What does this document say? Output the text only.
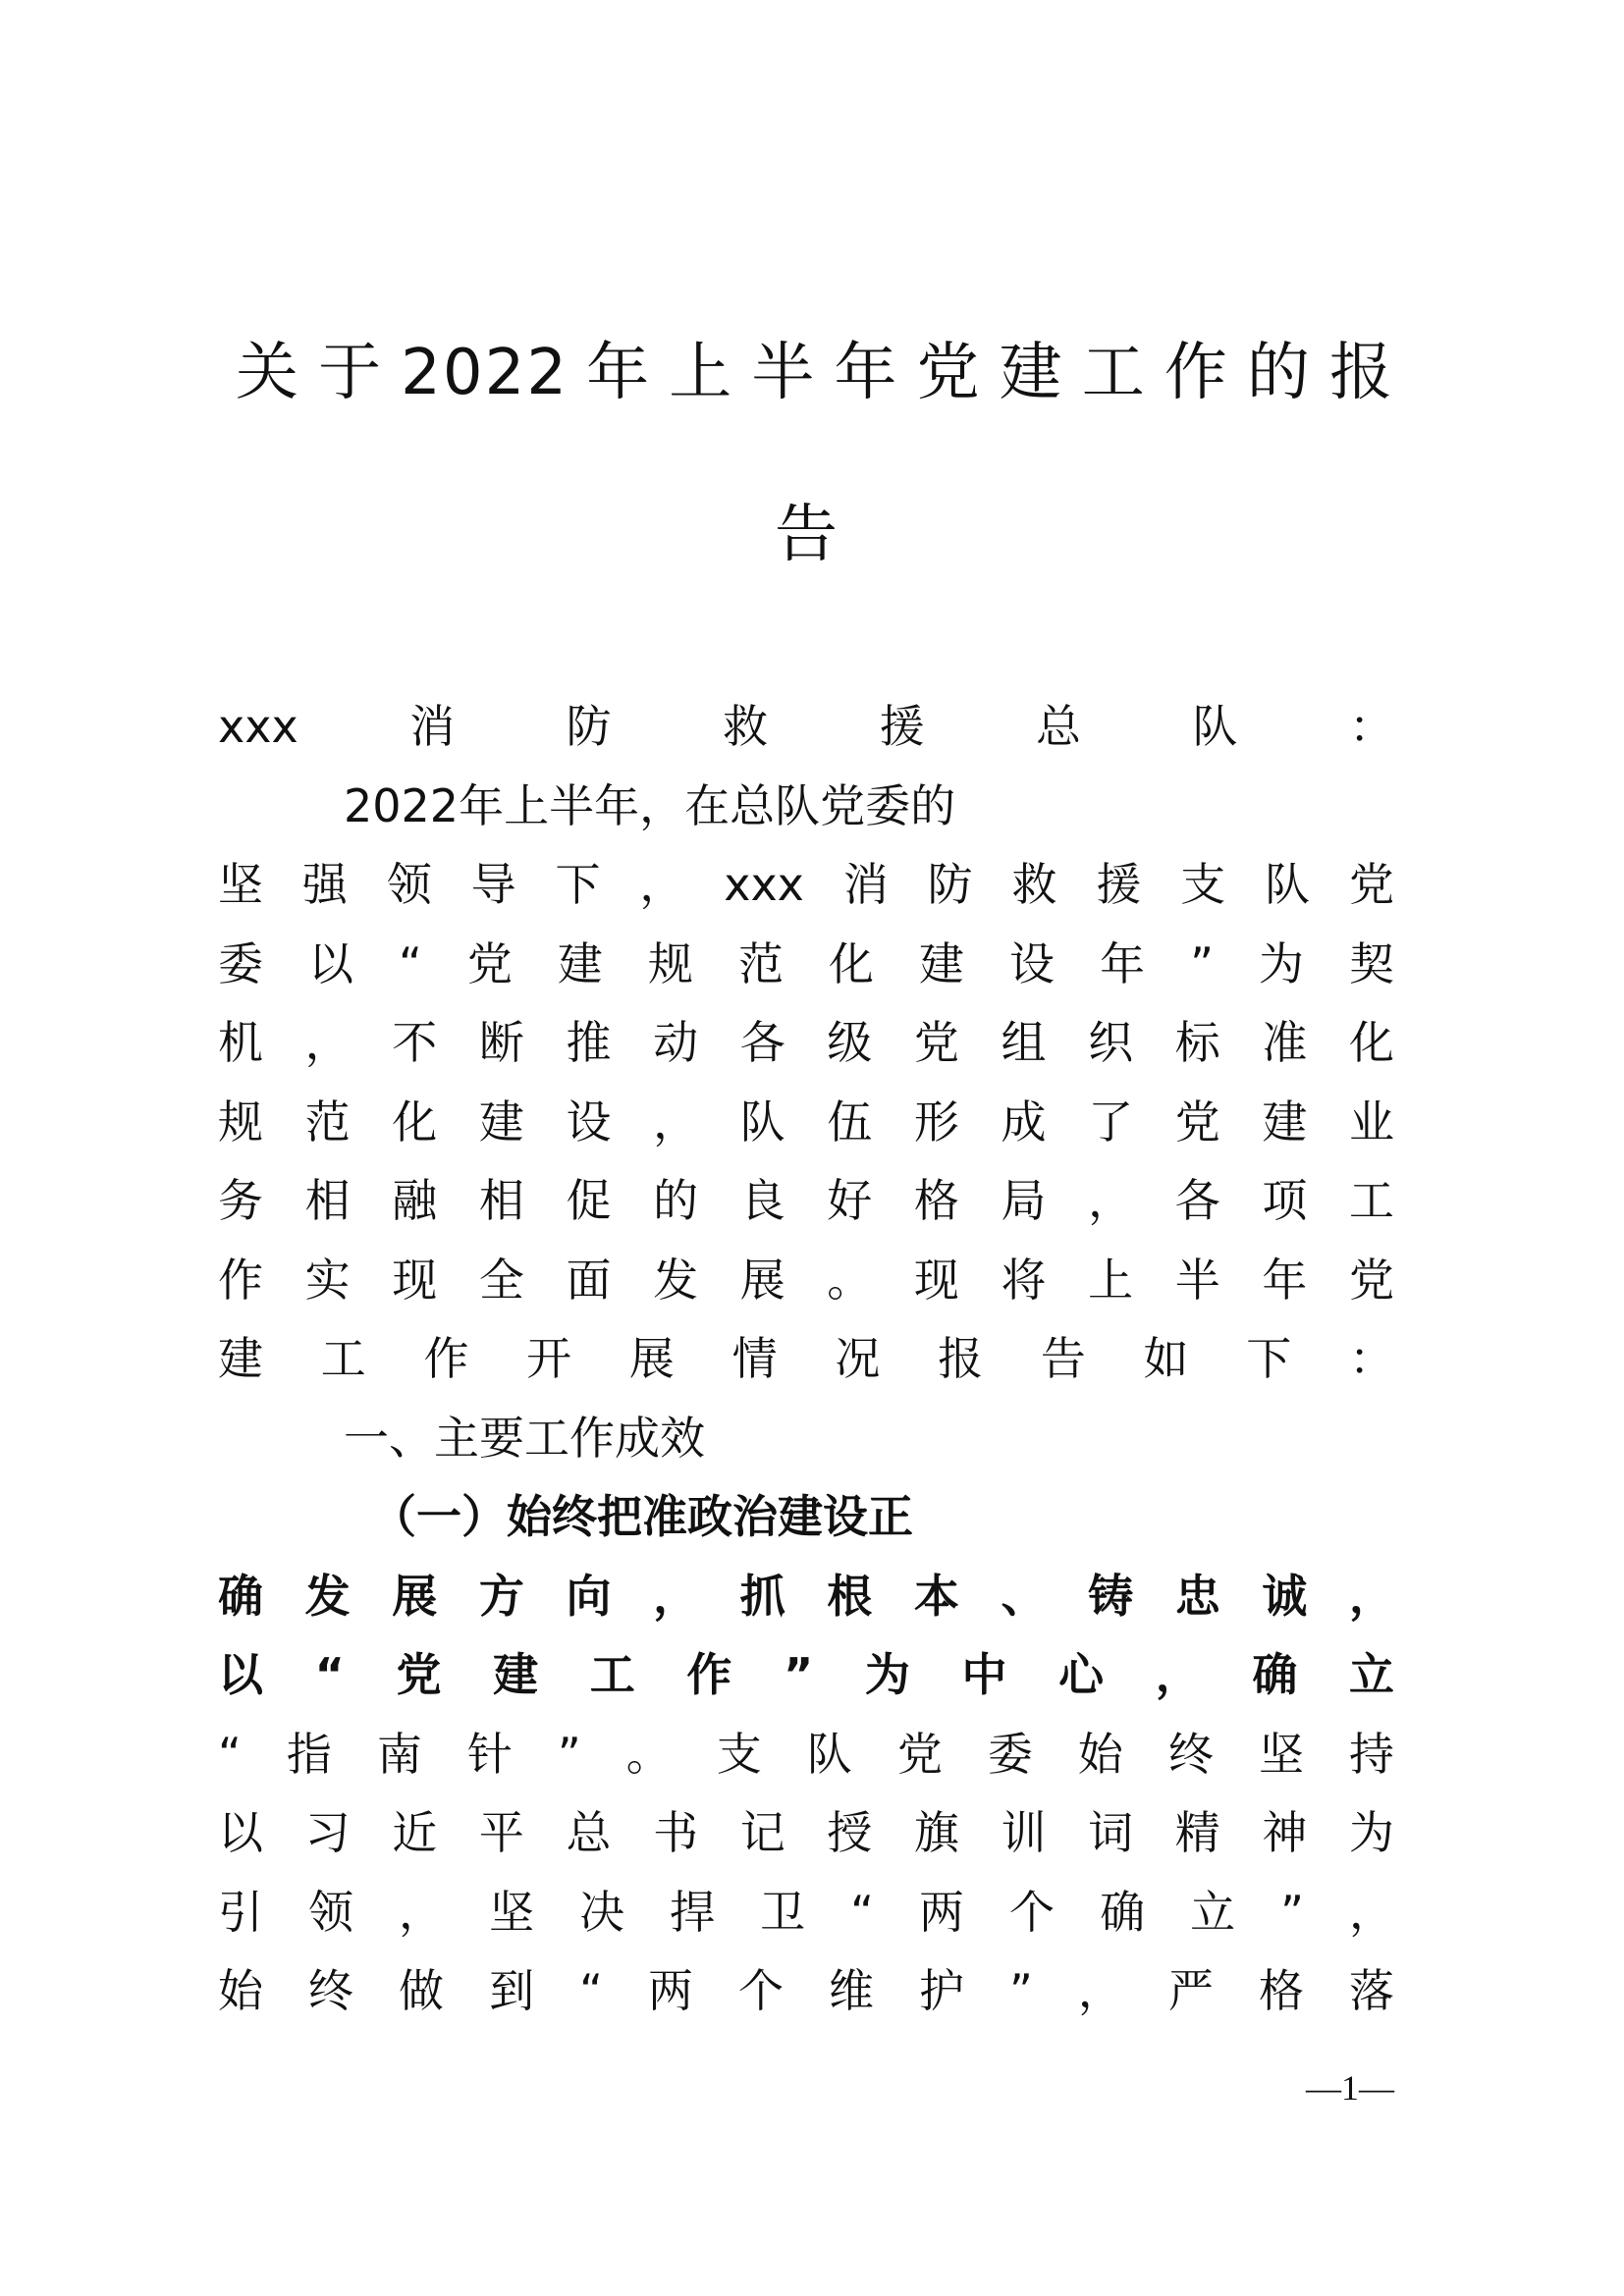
关于2022年上半年党建工作的报
告
xxx消防救援总队：
2022年上半年，在总队党委的
坚强领导下，xxx消防救援支队党
委以“党建规范化建设年”为契
机，不断推动各级党组织标准化
规范化建设，队伍形成了党建业
务相融相促的良好格局，各项工
作实现全面发展。现将上半年党
建工作开展情况报告如下：
一、主要工作成效
（一）始终把准政治建设正
确发展方向，抓根本、铸忠诚，
以“党建工作”为中心，确立
“指南针”。支队党委始终坚持
以习近平总书记授旗训词精神为
引领，坚决捍卫“两个确立”，
始终做到“两个维护”，严格落
—1—
